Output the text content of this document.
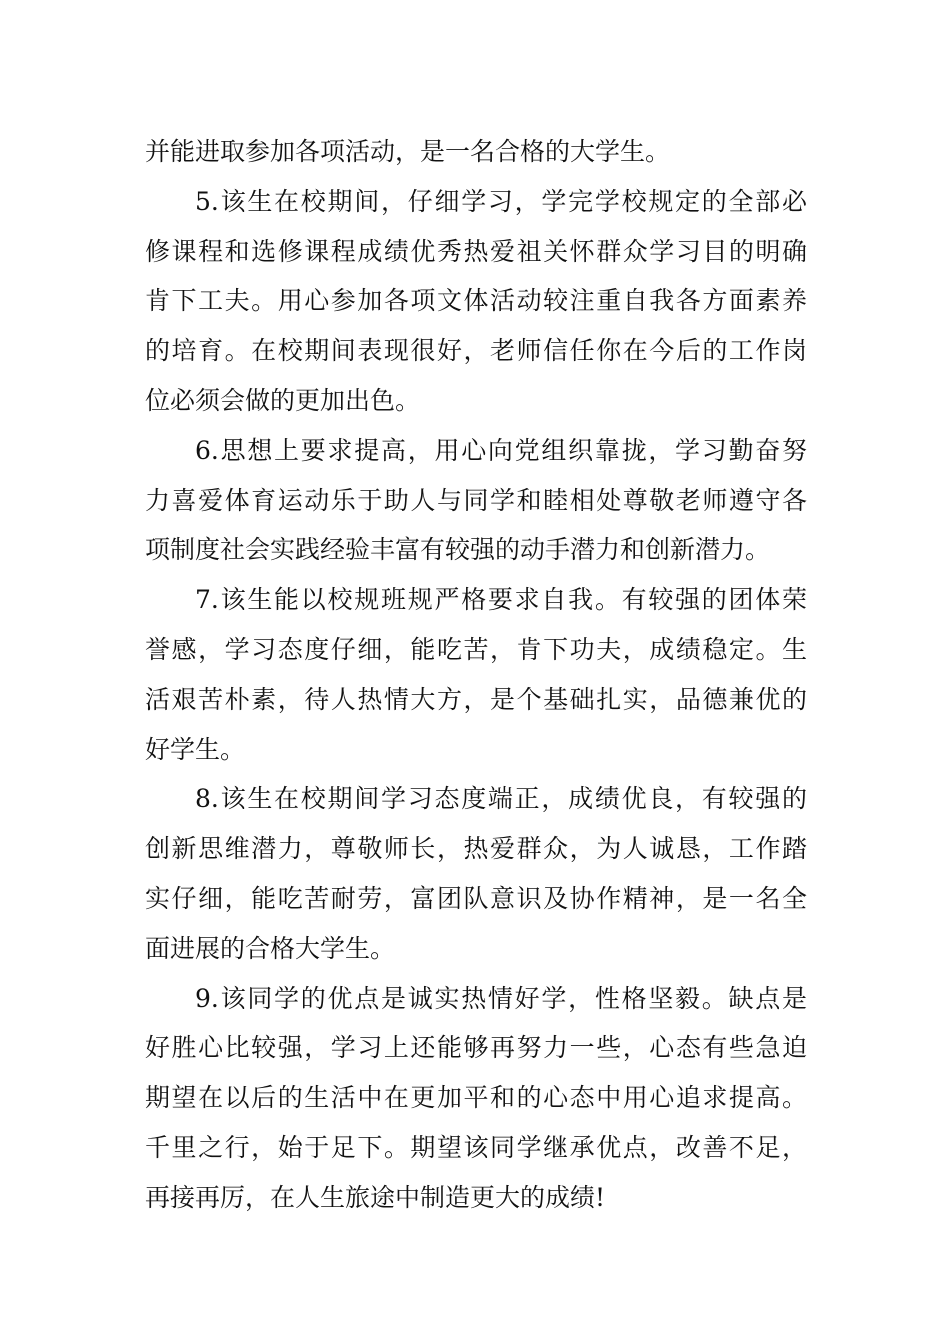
并能进取参加各项活动，是一名合格的大学生。

5.该生在校期间，仔细学习，学完学校规定的全部必
修课程和选修课程成绩优秀热爱祖关怀群众学习目的明确
肯下工夫。用心参加各项文体活动较注重自我各方面素养
的培育。在校期间表现很好，老师信任你在今后的工作岗
位必须会做的更加出色。

6.思想上要求提高，用心向党组织靠拢，学习勤奋努
力喜爱体育运动乐于助人与同学和睦相处尊敬老师遵守各
项制度社会实践经验丰富有较强的动手潜力和创新潜力。

7.该生能以校规班规严格要求自我。有较强的团体荣
誉感，学习态度仔细，能吃苦，肯下功夫，成绩稳定。生
活艰苦朴素，待人热情大方，是个基础扎实，品德兼优的
好学生。

8.该生在校期间学习态度端正，成绩优良，有较强的
创新思维潜力，尊敬师长，热爱群众，为人诚恳，工作踏
实仔细，能吃苦耐劳，富团队意识及协作精神，是一名全
面进展的合格大学生。

9.该同学的优点是诚实热情好学，性格坚毅。缺点是
好胜心比较强，学习上还能够再努力一些，心态有些急迫
期望在以后的生活中在更加平和的心态中用心追求提高。
千里之行，始于足下。期望该同学继承优点，改善不足，
再接再厉，在人生旅途中制造更大的成绩!
